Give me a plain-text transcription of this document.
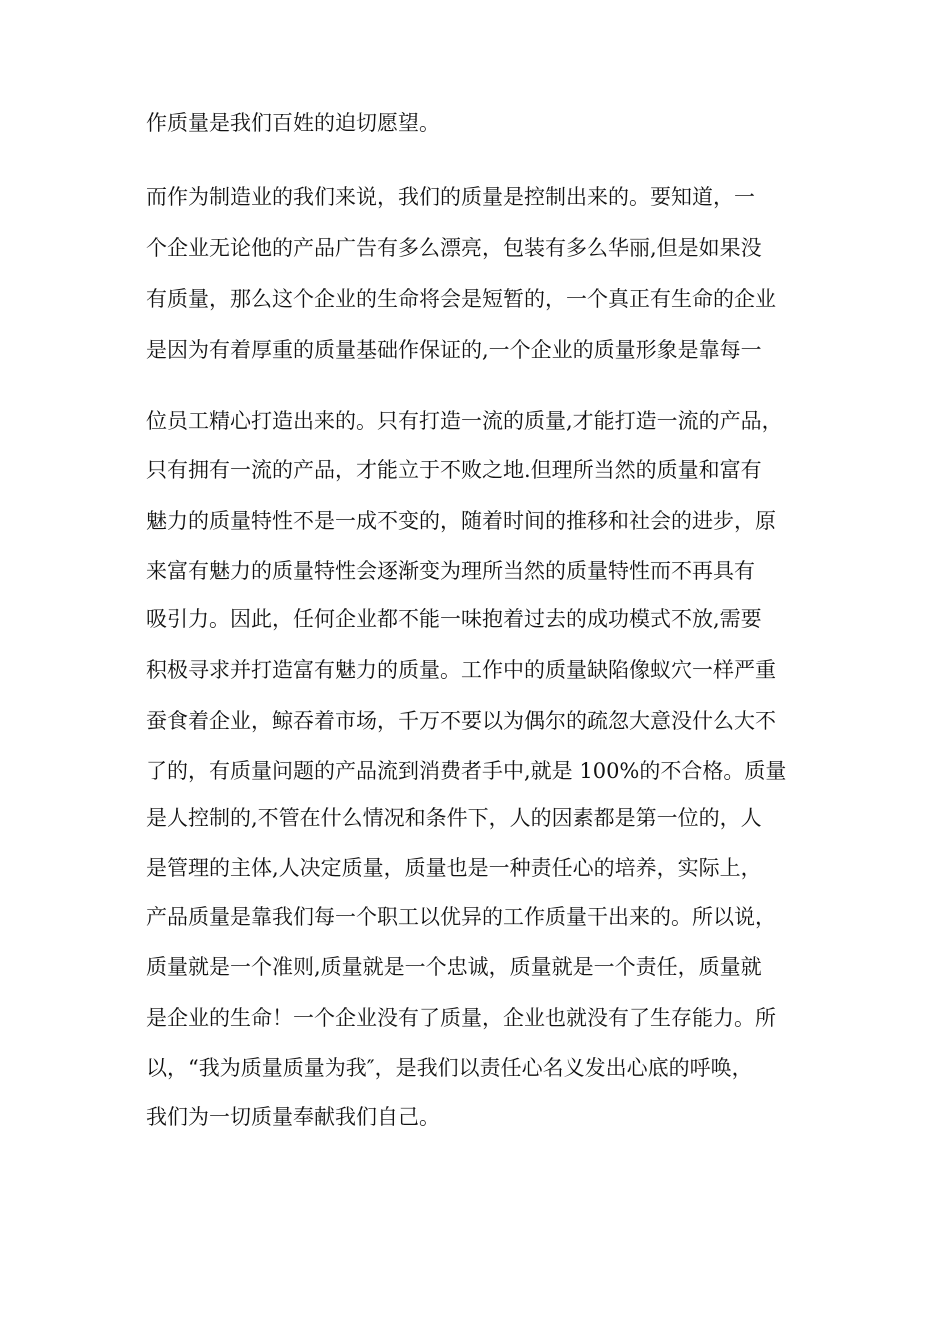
作质量是我们百姓的迫切愿望。

而作为制造业的我们来说，我们的质量是控制出来的。要知道，一

个企业无论他的产品广告有多么漂亮，包装有多么华丽,但是如果没

有质量，那么这个企业的生命将会是短暂的，一个真正有生命的企业

是因为有着厚重的质量基础作保证的,一个企业的质量形象是靠每一

位员工精心打造出来的。只有打造一流的质量,才能打造一流的产品，

只有拥有一流的产品，才能立于不败之地.但理所当然的质量和富有

魅力的质量特性不是一成不变的，随着时间的推移和社会的进步，原

来富有魅力的质量特性会逐渐变为理所当然的质量特性而不再具有

吸引力。因此，任何企业都不能一味抱着过去的成功模式不放,需要

积极寻求并打造富有魅力的质量。工作中的质量缺陷像蚁穴一样严重

蚕食着企业，鲸吞着市场，千万不要以为偶尔的疏忽大意没什么大不

了的，有质量问题的产品流到消费者手中,就是 100%的不合格。质量

是人控制的,不管在什么情况和条件下，人的因素都是第一位的，人

是管理的主体,人决定质量，质量也是一种责任心的培养，实际上，

产品质量是靠我们每一个职工以优异的工作质量干出来的。所以说，

质量就是一个准则,质量就是一个忠诚，质量就是一个责任，质量就

是企业的生命！一个企业没有了质量，企业也就没有了生存能力。所

以，“我为质量质量为我″，是我们以责任心名义发出心底的呼唤，

我们为一切质量奉献我们自己。
